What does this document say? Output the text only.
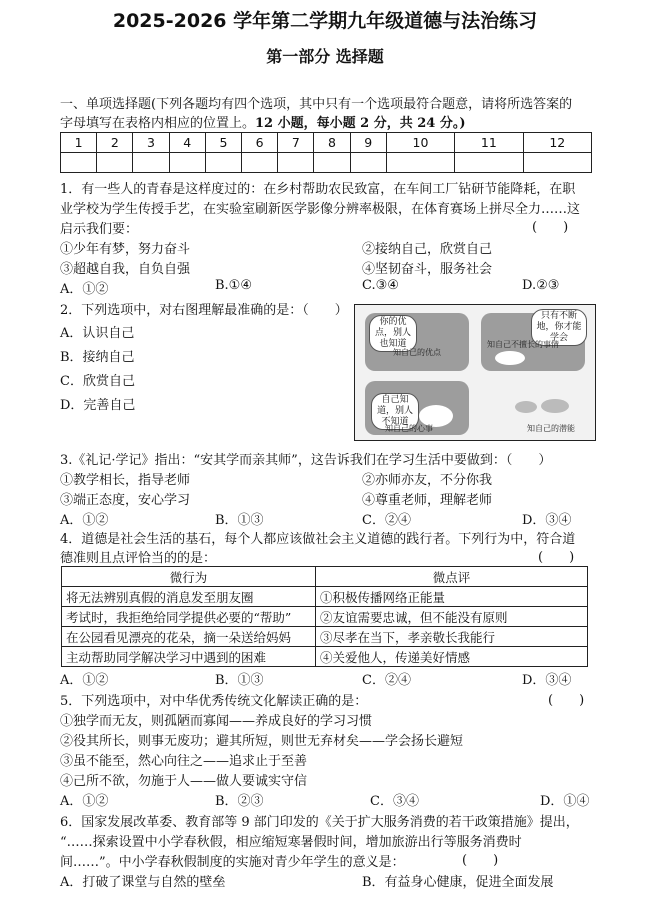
2025-2026 学年第二学期九年级道德与法治练习
第一部分 选择题
一、单项选择题(下列各题均有四个选项，其中只有一个选项最符合题意，请将所选答案的
字母填写在表格内相应的位置上。12 小题，每小题 2 分，共 24 分。)
1	2	3	4	5	6	7	8	9	10	11	12

1．有一些人的青春是这样度过的：在乡村帮助农民致富，在车间工厂钻研节能降耗，在职
业学校为学生传授手艺，在实验室刷新医学影像分辨率极限，在体育赛场上拼尽全力……这
启示我们要：	(　　)
①少年有梦，努力奋斗	②接纳自己，欣赏自己
③超越自我，自负自强	④坚韧奋斗，服务社会
A．①②	B.①④	C.③④	D.②③
2．下列选项中，对右图理解最准确的是：（　　）
A．认识自己
B．接纳自己
C．欣赏自己
D．完善自己
你的优点，别人也知道
知自己的优点
只有不断地，你才能学会
知自己不擅长的事情
自己知道，别人不知道
知自己的心事	知自己的潜能
3.《礼记·学记》指出：“安其学而亲其师”，这告诉我们在学习生活中要做到：（　　）
①教学相长，指导老师	②亦师亦友，不分你我
③端正态度，安心学习	④尊重老师，理解老师
A．①②	B．①③	C．②④	D．③④
4．道德是社会生活的基石，每个人都应该做社会主义道德的践行者。下列行为中，符合道
德准则且点评恰当的的是：	(　　)
微行为	微点评
将无法辨别真假的消息发至朋友圈	①积极传播网络正能量
考试时，我拒绝给同学提供必要的“帮助”	②友谊需要忠诚，但不能没有原则
在公园看见漂亮的花朵，摘一朵送给妈妈	③尽孝在当下，孝亲敬长我能行
主动帮助同学解决学习中遇到的困难	④关爱他人，传递美好情感
A．①②	B．①③	C．②④	D．③④
5．下列选项中，对中华优秀传统文化解读正确的是：	(　　)
①独学而无友，则孤陋而寡闻——养成良好的学习习惯
②役其所长，则事无废功；避其所短，则世无弃材矣——学会扬长避短
③虽不能至，然心向往之——追求止于至善
④己所不欲，勿施于人——做人要诚实守信
A．①②	B．②③	C．③④	D．①④
6．国家发展改革委、教育部等 9 部门印发的《关于扩大服务消费的若干政策措施》提出，
“……探索设置中小学春秋假，相应缩短寒暑假时间，增加旅游出行等服务消费时
间……”。中小学春秋假制度的实施对青少年学生的意义是：	(　　)
A．打破了课堂与自然的壁垒	B．有益身心健康，促进全面发展
